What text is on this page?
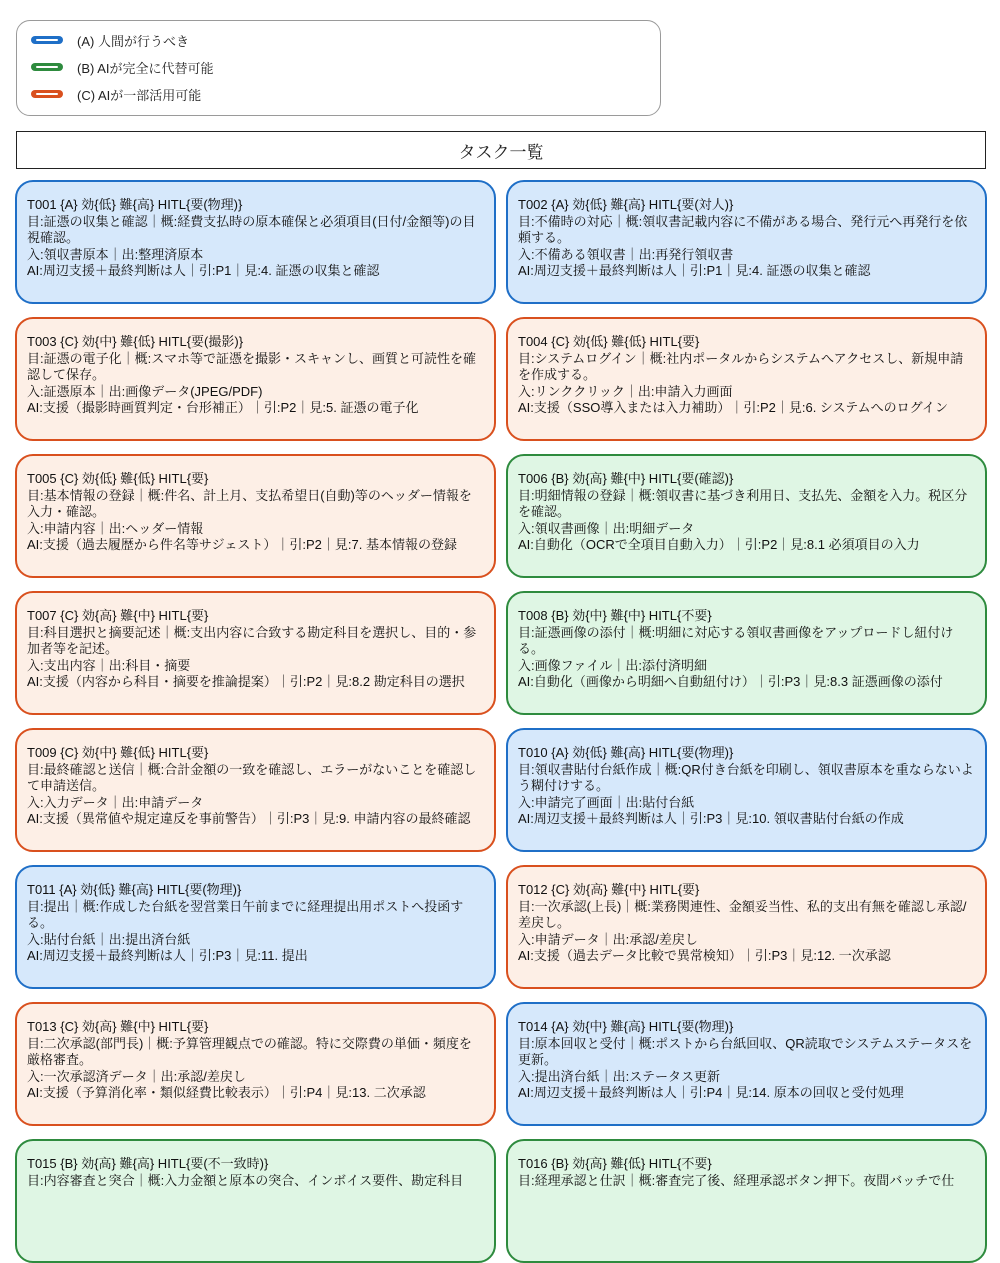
(A) 人間が行うべき
(B) AIが完全に代替可能
(C) AIが一部活用可能
タスク一覧
T001 {A} 効{低} 難{高} HITL{要(物理)}
目:証憑の収集と確認｜概:経費支払時の原本確保と必須項目(日付/金額等)の目視確認。
入:領収書原本｜出:整理済原本
AI:周辺支援＋最終判断は人｜引:P1｜見:4. 証憑の収集と確認
T002 {A} 効{低} 難{高} HITL{要(対人)}
目:不備時の対応｜概:領収書記載内容に不備がある場合、発行元へ再発行を依頼する。
入:不備ある領収書｜出:再発行領収書
AI:周辺支援＋最終判断は人｜引:P1｜見:4. 証憑の収集と確認
T003 {C} 効{中} 難{低} HITL{要(撮影)}
目:証憑の電子化｜概:スマホ等で証憑を撮影・スキャンし、画質と可読性を確認して保存。
入:証憑原本｜出:画像データ(JPEG/PDF)
AI:支援（撮影時画質判定・台形補正）｜引:P2｜見:5. 証憑の電子化
T004 {C} 効{低} 難{低} HITL{要}
目:システムログイン｜概:社内ポータルからシステムへアクセスし、新規申請を作成する。
入:リンククリック｜出:申請入力画面
AI:支援（SSO導入または入力補助）｜引:P2｜見:6. システムへのログイン
T005 {C} 効{低} 難{低} HITL{要}
目:基本情報の登録｜概:件名、計上月、支払希望日(自動)等のヘッダー情報を入力・確認。
入:申請内容｜出:ヘッダー情報
AI:支援（過去履歴から件名等サジェスト）｜引:P2｜見:7. 基本情報の登録
T006 {B} 効{高} 難{中} HITL{要(確認)}
目:明細情報の登録｜概:領収書に基づき利用日、支払先、金額を入力。税区分を確認。
入:領収書画像｜出:明細データ
AI:自動化（OCRで全項目自動入力）｜引:P2｜見:8.1 必須項目の入力
T007 {C} 効{高} 難{中} HITL{要}
目:科目選択と摘要記述｜概:支出内容に合致する勘定科目を選択し、目的・参加者等を記述。
入:支出内容｜出:科目・摘要
AI:支援（内容から科目・摘要を推論提案）｜引:P2｜見:8.2 勘定科目の選択
T008 {B} 効{中} 難{中} HITL{不要}
目:証憑画像の添付｜概:明細に対応する領収書画像をアップロードし紐付ける。
入:画像ファイル｜出:添付済明細
AI:自動化（画像から明細へ自動紐付け）｜引:P3｜見:8.3 証憑画像の添付
T009 {C} 効{中} 難{低} HITL{要}
目:最終確認と送信｜概:合計金額の一致を確認し、エラーがないことを確認して申請送信。
入:入力データ｜出:申請データ
AI:支援（異常値や規定違反を事前警告）｜引:P3｜見:9. 申請内容の最終確認
T010 {A} 効{低} 難{高} HITL{要(物理)}
目:領収書貼付台紙作成｜概:QR付き台紙を印刷し、領収書原本を重ならないよう糊付けする。
入:申請完了画面｜出:貼付台紙
AI:周辺支援＋最終判断は人｜引:P3｜見:10. 領収書貼付台紙の作成
T011 {A} 効{低} 難{高} HITL{要(物理)}
目:提出｜概:作成した台紙を翌営業日午前までに経理提出用ポストへ投函する。
入:貼付台紙｜出:提出済台紙
AI:周辺支援＋最終判断は人｜引:P3｜見:11. 提出
T012 {C} 効{高} 難{中} HITL{要}
目:一次承認(上長)｜概:業務関連性、金額妥当性、私的支出有無を確認し承認/差戻し。
入:申請データ｜出:承認/差戻し
AI:支援（過去データ比較で異常検知）｜引:P3｜見:12. 一次承認
T013 {C} 効{高} 難{中} HITL{要}
目:二次承認(部門長)｜概:予算管理観点での確認。特に交際費の単価・頻度を厳格審査。
入:一次承認済データ｜出:承認/差戻し
AI:支援（予算消化率・類似経費比較表示）｜引:P4｜見:13. 二次承認
T014 {A} 効{中} 難{高} HITL{要(物理)}
目:原本回収と受付｜概:ポストから台紙回収、QR読取でシステムステータスを更新。
入:提出済台紙｜出:ステータス更新
AI:周辺支援＋最終判断は人｜引:P4｜見:14. 原本の回収と受付処理
T015 {B} 効{高} 難{高} HITL{要(不一致時)}
目:内容審査と突合｜概:入力金額と原本の突合、インボイス要件、勘定科目
T016 {B} 効{高} 難{低} HITL{不要}
目:経理承認と仕訳｜概:審査完了後、経理承認ボタン押下。夜間バッチで仕
